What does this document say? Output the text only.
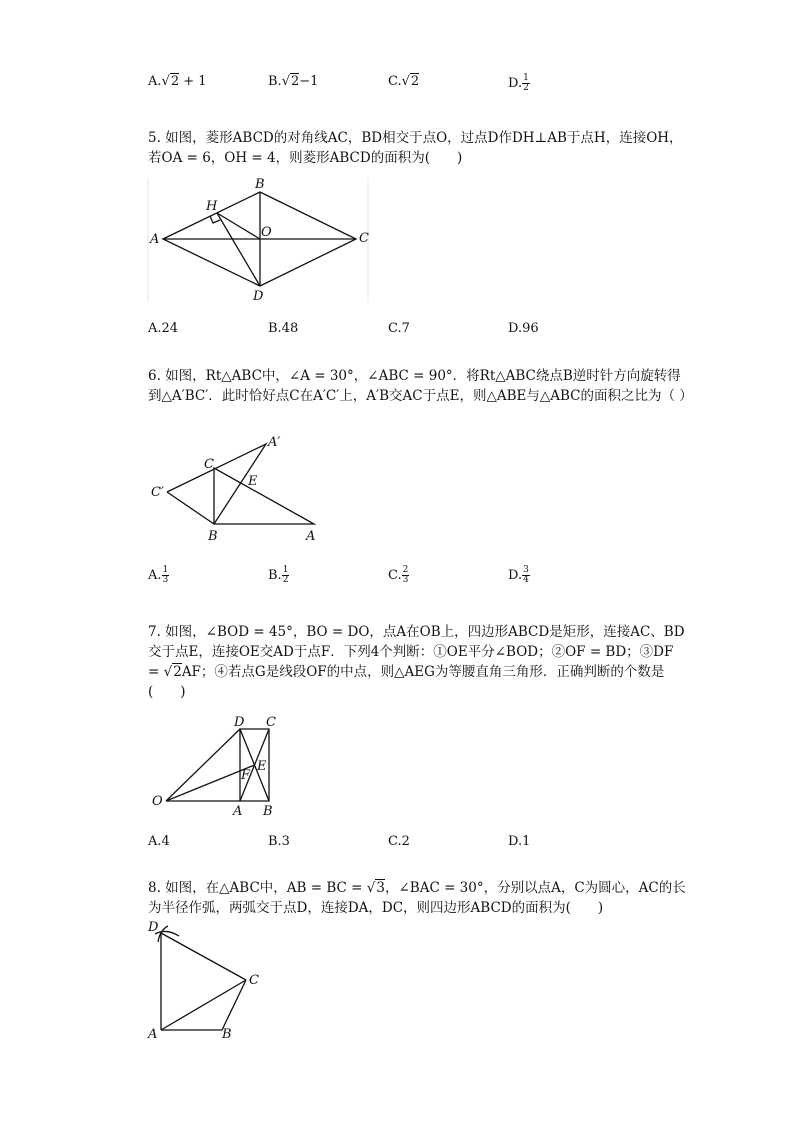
A.√2 + 1	B.√2−1	C.√2	D. $\frac{1}{2}$
5. 如图，菱形ABCD的对角线AC，BD相交于点O，过点D作DH⊥AB于点H，连接OH，若OA = 6，OH = 4，则菱形ABCD的面积为(　　)
A
B
C
D
H
O
A.24	B.48	C.7	D.96
6. 如图，Rt△ABC中，∠A = 30°，∠ABC = 90°．将Rt△ABC绕点B逆时针方向旋转得到△A′BC′．此时恰好点C在A′C′上，A′B交AC于点E，则△ABE与△ABC的面积之比为（ ）
C′
C
A′
E
B	A
A. $\frac{1}{3}$	B. $\frac{1}{2}$	C. $\frac{2}{3}$	D. $\frac{3}{4}$
7. 如图，∠BOD = 45°，BO = DO，点A在OB上，四边形ABCD是矩形，连接AC、BD交于点E，连接OE交AD于点F．下列4个判断：①OE平分∠BOD；②OF = BD；③DF = √2AF；④若点G是线段OF的中点，则△AEG为等腰直角三角形．正确判断的个数是(　　)
D C
O
E
F
A B
A.4	B.3	C.2	D.1
8. 如图，在△ABC中，AB = BC = √3，∠BAC = 30°，分别以点A，C为圆心，AC的长为半径作弧，两弧交于点D，连接DA，DC，则四边形ABCD的面积为(　　)
D
C
A	B
